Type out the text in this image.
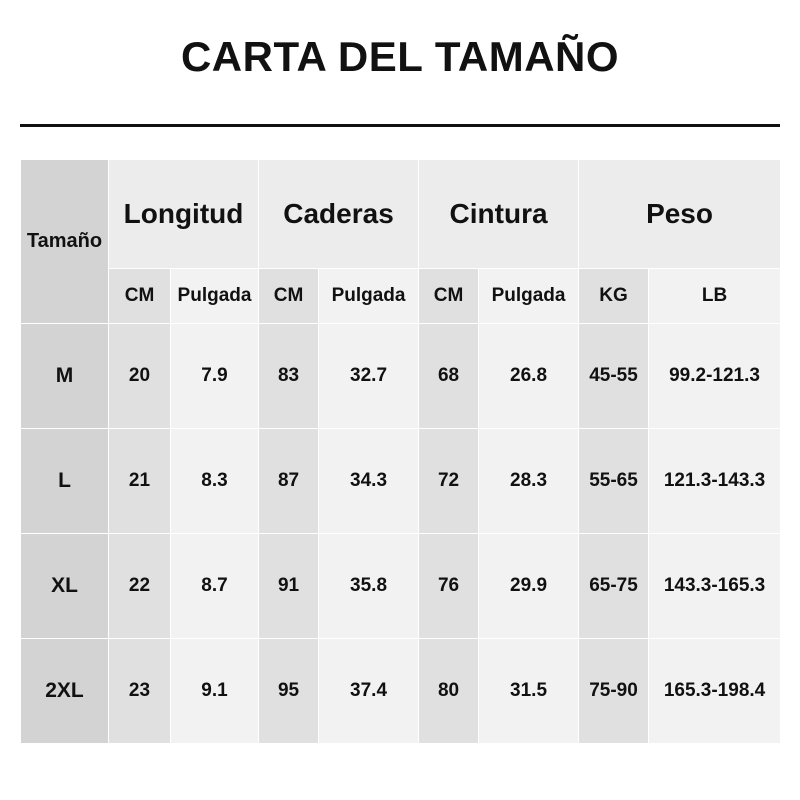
CARTA DEL TAMAÑO
Tamaño	Longitud		Caderas		Cintura		Peso	
	CM	Pulgada	CM	Pulgada	CM	Pulgada	KG	LB
M	20	7.9	83	32.7	68	26.8	45-55	99.2-121.3
L	21	8.3	87	34.3	72	28.3	55-65	121.3-143.3
XL	22	8.7	91	35.8	76	29.9	65-75	143.3-165.3
2XL	23	9.1	95	37.4	80	31.5	75-90	165.3-198.4
